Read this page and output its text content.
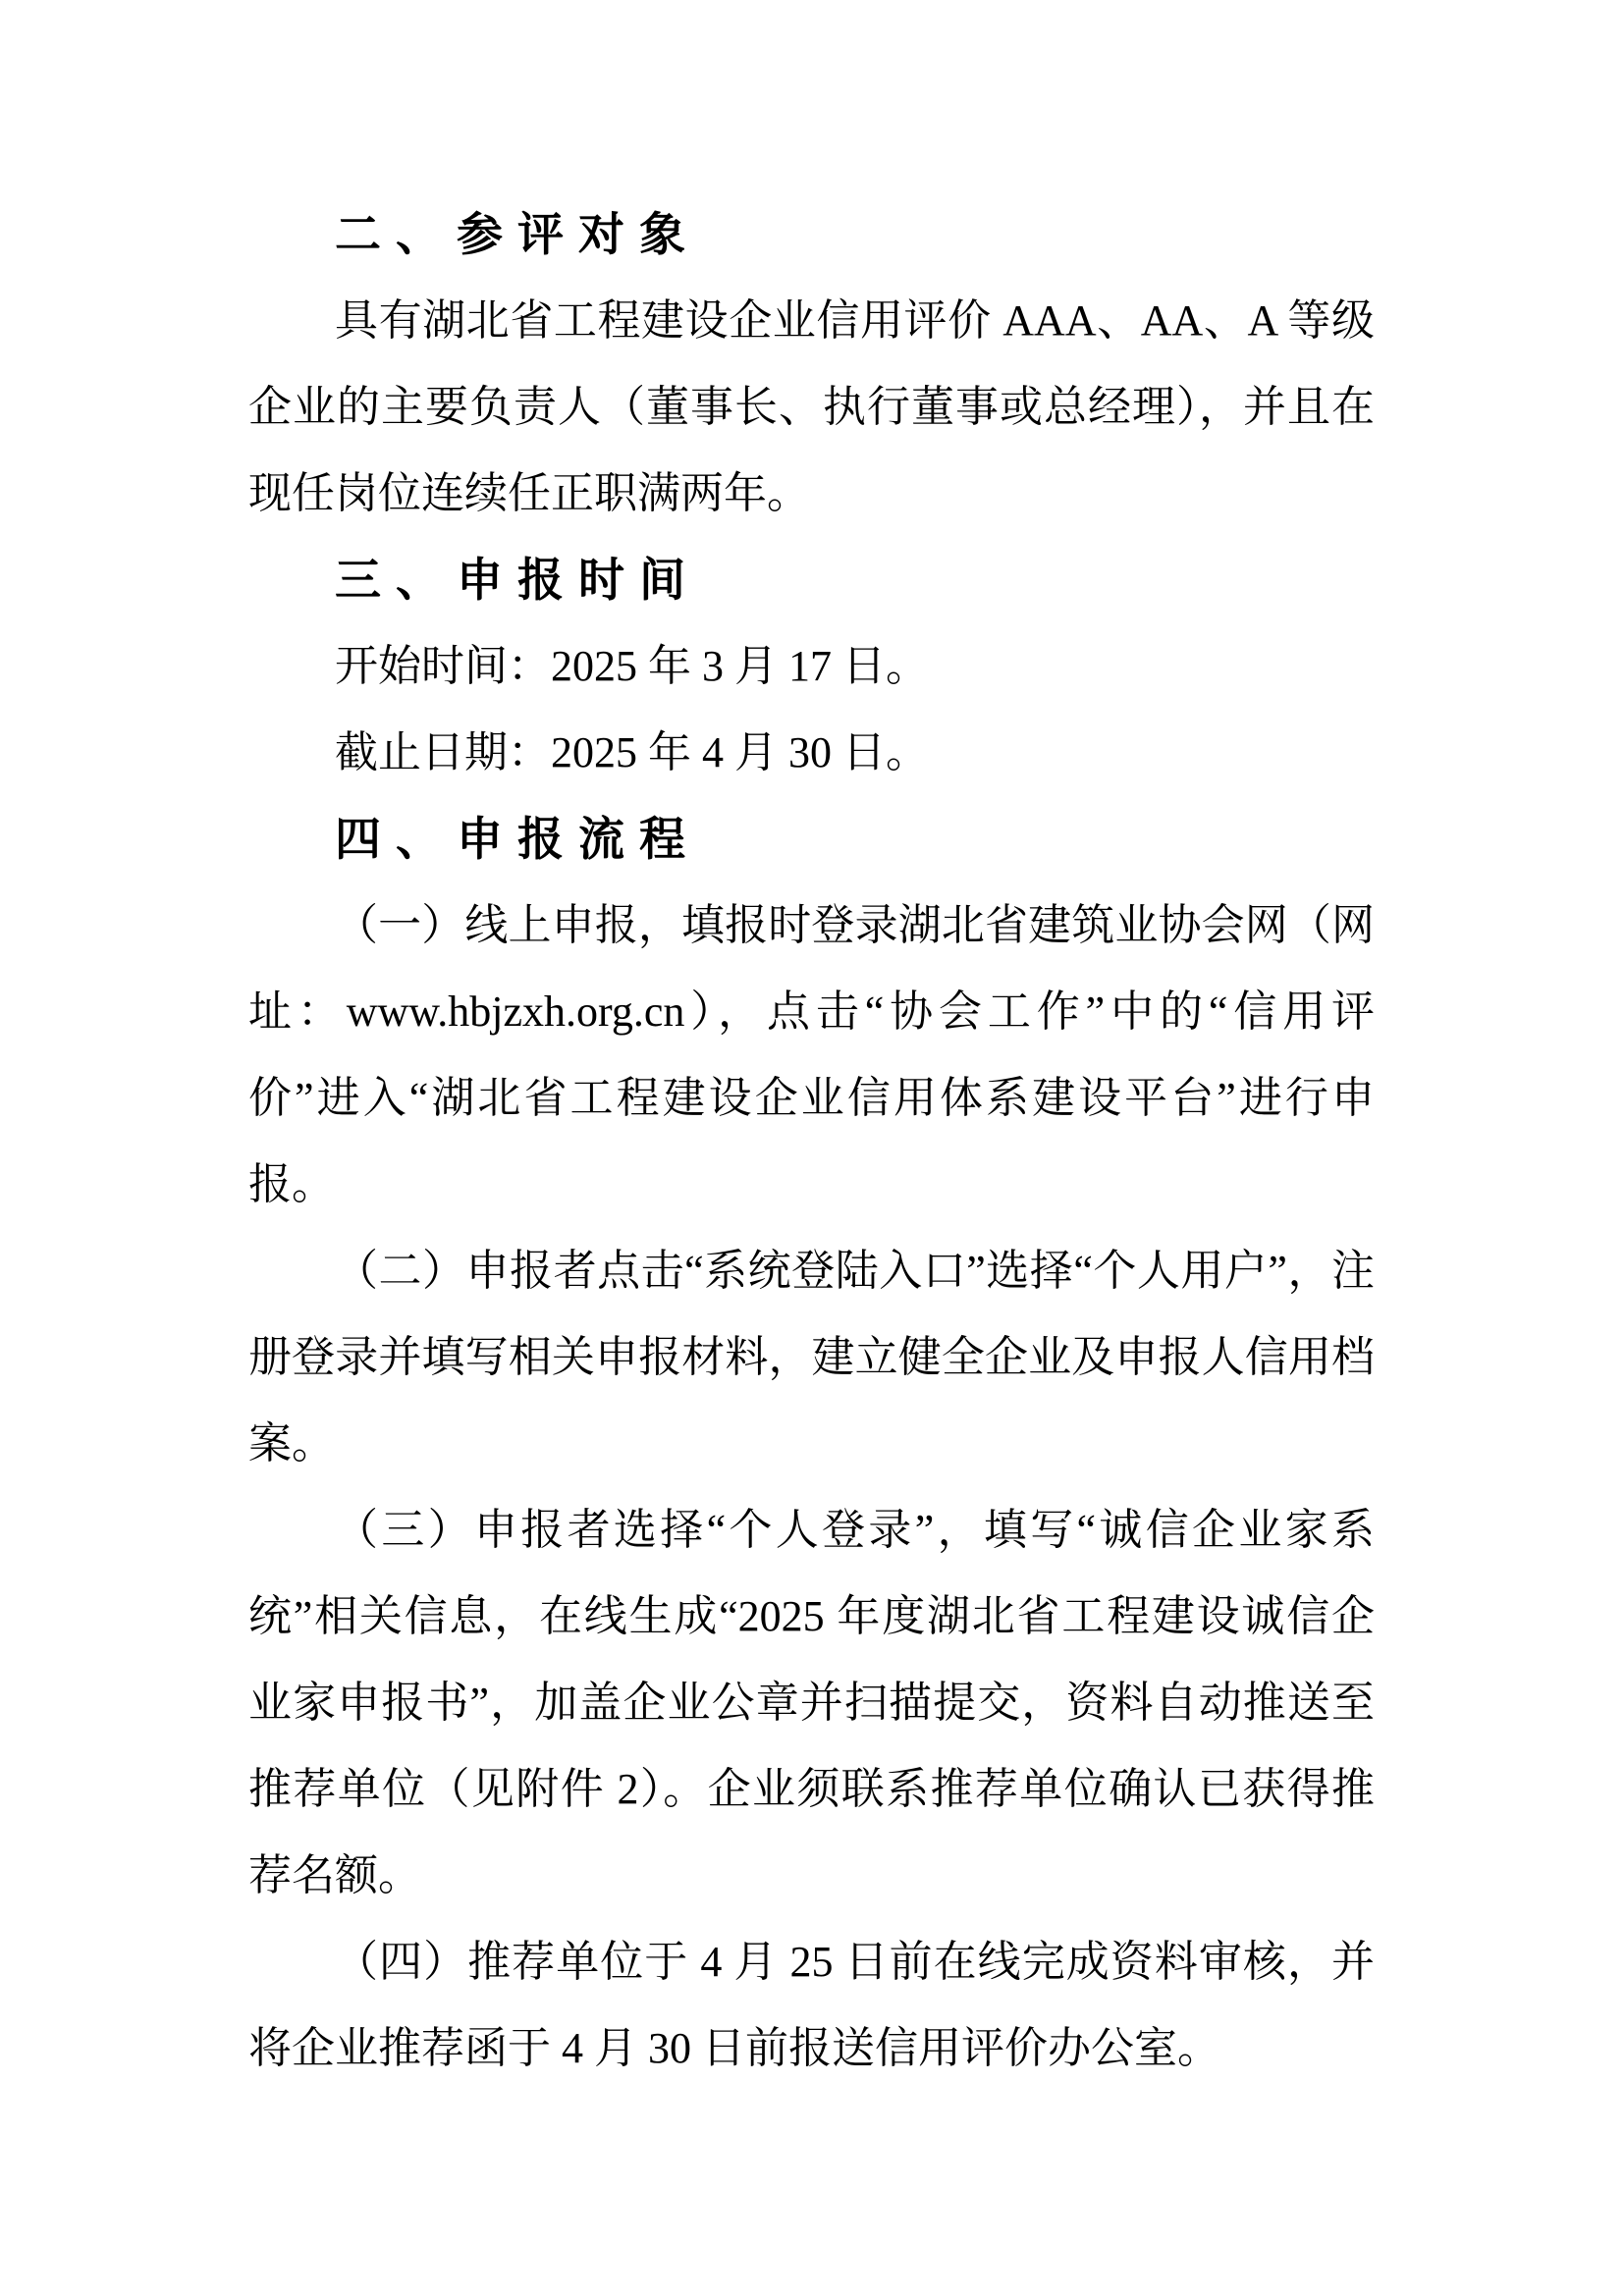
二、参评对象

具有湖北省工程建设企业信用评价 AAA、AA、A 等级企业的主要负责人（董事长、执行董事或总经理），并且在现任岗位连续任正职满两年。

三、申报时间

开始时间：2025 年 3 月 17 日。

截止日期：2025 年 4 月 30 日。

四、申报流程

（一）线上申报，填报时登录湖北省建筑业协会网（网址：www.hbjzxh.org.cn），点击“协会工作”中的“信用评价”进入“湖北省工程建设企业信用体系建设平台”进行申报。

（二）申报者点击“系统登陆入口”选择“个人用户”，注册登录并填写相关申报材料，建立健全企业及申报人信用档案。

（三）申报者选择“个人登录”，填写“诚信企业家系统”相关信息，在线生成“2025 年度湖北省工程建设诚信企业家申报书”，加盖企业公章并扫描提交，资料自动推送至推荐单位（见附件 2）。企业须联系推荐单位确认已获得推荐名额。

（四）推荐单位于 4 月 25 日前在线完成资料审核，并将企业推荐函于 4 月 30 日前报送信用评价办公室。
